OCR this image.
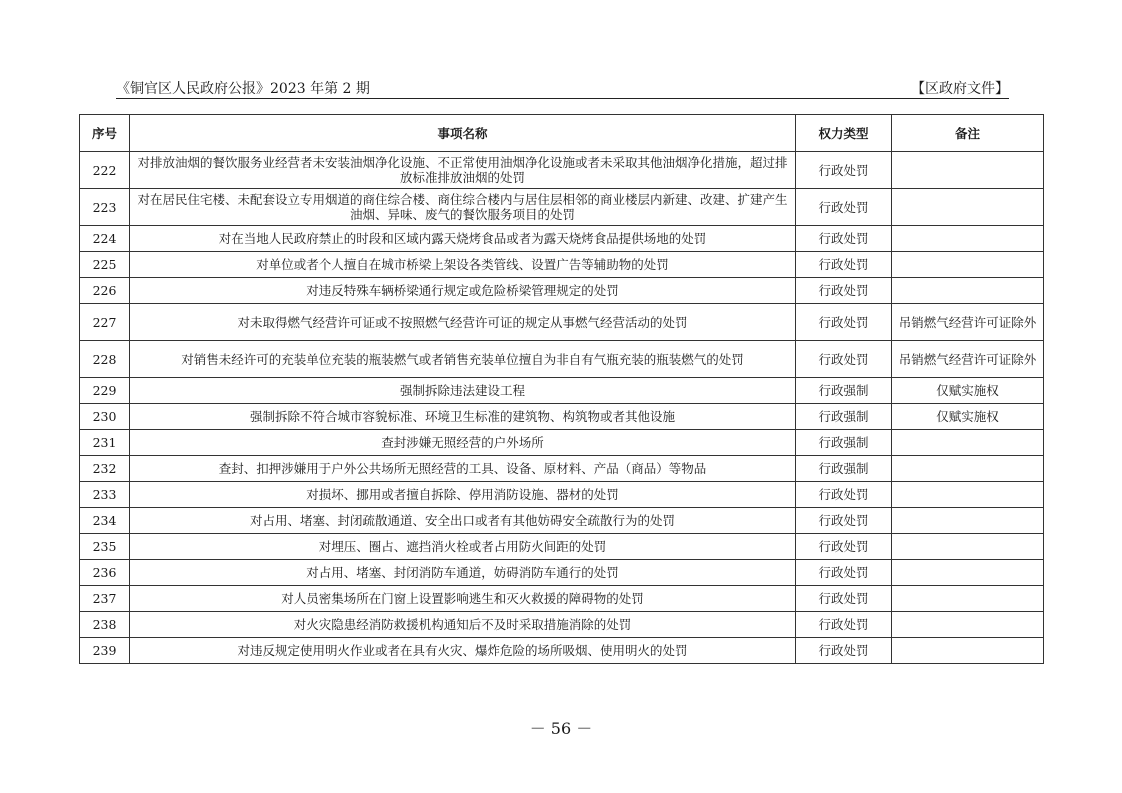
《铜官区人民政府公报》2023 年第 2 期	【区政府文件】
序号	事项名称	权力类型	备注
222	对排放油烟的餐饮服务业经营者未安装油烟净化设施、不正常使用油烟净化设施或者未采取其他油烟净化措施，超过排放标准排放油烟的处罚	行政处罚	
223	对在居民住宅楼、未配套设立专用烟道的商住综合楼、商住综合楼内与居住层相邻的商业楼层内新建、改建、扩建产生油烟、异味、废气的餐饮服务项目的处罚	行政处罚	
224	对在当地人民政府禁止的时段和区域内露天烧烤食品或者为露天烧烤食品提供场地的处罚	行政处罚	
225	对单位或者个人擅自在城市桥梁上架设各类管线、设置广告等辅助物的处罚	行政处罚	
226	对违反特殊车辆桥梁通行规定或危险桥梁管理规定的处罚	行政处罚	
227	对未取得燃气经营许可证或不按照燃气经营许可证的规定从事燃气经营活动的处罚	行政处罚	吊销燃气经营许可证除外
228	对销售未经许可的充装单位充装的瓶装燃气或者销售充装单位擅自为非自有气瓶充装的瓶装燃气的处罚	行政处罚	吊销燃气经营许可证除外
229	强制拆除违法建设工程	行政强制	仅赋实施权
230	强制拆除不符合城市容貌标准、环境卫生标准的建筑物、构筑物或者其他设施	行政强制	仅赋实施权
231	查封涉嫌无照经营的户外场所	行政强制	
232	查封、扣押涉嫌用于户外公共场所无照经营的工具、设备、原材料、产品（商品）等物品	行政强制	
233	对损坏、挪用或者擅自拆除、停用消防设施、器材的处罚	行政处罚	
234	对占用、堵塞、封闭疏散通道、安全出口或者有其他妨碍安全疏散行为的处罚	行政处罚	
235	对埋压、圈占、遮挡消火栓或者占用防火间距的处罚	行政处罚	
236	对占用、堵塞、封闭消防车通道，妨碍消防车通行的处罚	行政处罚	
237	对人员密集场所在门窗上设置影响逃生和灭火救援的障碍物的处罚	行政处罚	
238	对火灾隐患经消防救援机构通知后不及时采取措施消除的处罚	行政处罚	
239	对违反规定使用明火作业或者在具有火灾、爆炸危险的场所吸烟、使用明火的处罚	行政处罚	
－ 56 －
